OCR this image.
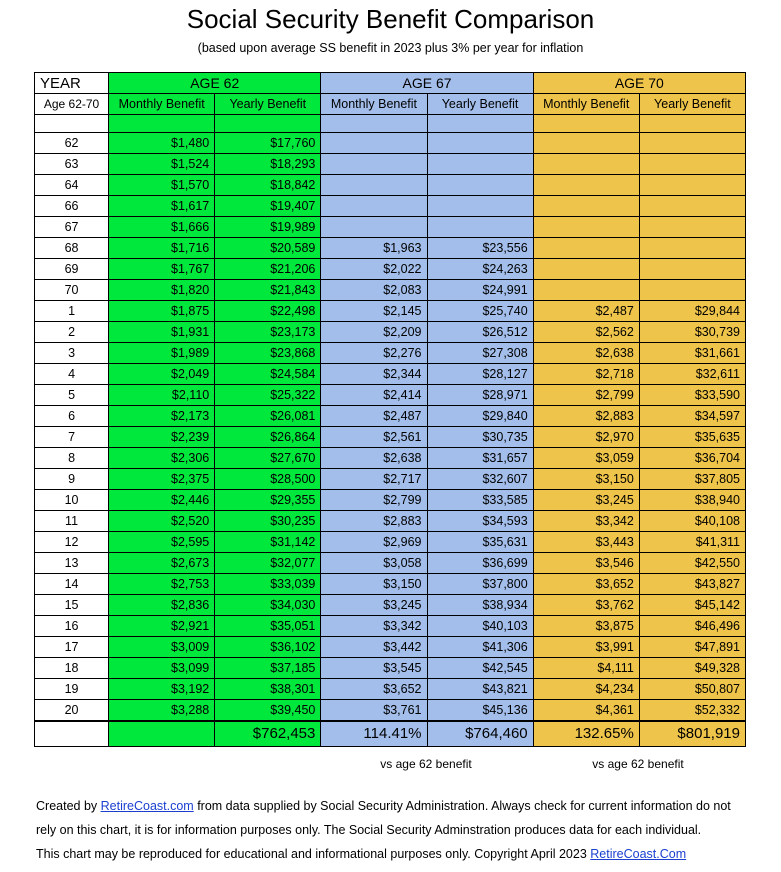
Social Security Benefit Comparison

(based upon average SS benefit in 2023 plus 3% per year for inflation

YEAR	AGE 62		AGE 67		AGE 70	
Age 62-70	Monthly Benefit	Yearly Benefit	Monthly Benefit	Yearly Benefit	Monthly Benefit	Yearly Benefit

62	$1,480	$17,760				
63	$1,524	$18,293				
64	$1,570	$18,842				
66	$1,617	$19,407				
67	$1,666	$19,989				
68	$1,716	$20,589	$1,963	$23,556		
69	$1,767	$21,206	$2,022	$24,263		
70	$1,820	$21,843	$2,083	$24,991		
1	$1,875	$22,498	$2,145	$25,740	$2,487	$29,844
2	$1,931	$23,173	$2,209	$26,512	$2,562	$30,739
3	$1,989	$23,868	$2,276	$27,308	$2,638	$31,661
4	$2,049	$24,584	$2,344	$28,127	$2,718	$32,611
5	$2,110	$25,322	$2,414	$28,971	$2,799	$33,590
6	$2,173	$26,081	$2,487	$29,840	$2,883	$34,597
7	$2,239	$26,864	$2,561	$30,735	$2,970	$35,635
8	$2,306	$27,670	$2,638	$31,657	$3,059	$36,704
9	$2,375	$28,500	$2,717	$32,607	$3,150	$37,805
10	$2,446	$29,355	$2,799	$33,585	$3,245	$38,940
11	$2,520	$30,235	$2,883	$34,593	$3,342	$40,108
12	$2,595	$31,142	$2,969	$35,631	$3,443	$41,311
13	$2,673	$32,077	$3,058	$36,699	$3,546	$42,550
14	$2,753	$33,039	$3,150	$37,800	$3,652	$43,827
15	$2,836	$34,030	$3,245	$38,934	$3,762	$45,142
16	$2,921	$35,051	$3,342	$40,103	$3,875	$46,496
17	$3,009	$36,102	$3,442	$41,306	$3,991	$47,891
18	$3,099	$37,185	$3,545	$42,545	$4,111	$49,328
19	$3,192	$38,301	$3,652	$43,821	$4,234	$50,807
20	$3,288	$39,450	$3,761	$45,136	$4,361	$52,332
		$762,453	114.41%	$764,460	132.65%	$801,919
vs age 62 benefit	vs age 62 benefit
Created by RetireCoast.com from data supplied by Social Security Administration. Always check for current information do not
rely on this chart, it is for information purposes only. The Social Security Adminstration produces data for each individual.
This chart may be reproduced for educational and informational purposes only. Copyright April 2023 RetireCoast.Com
